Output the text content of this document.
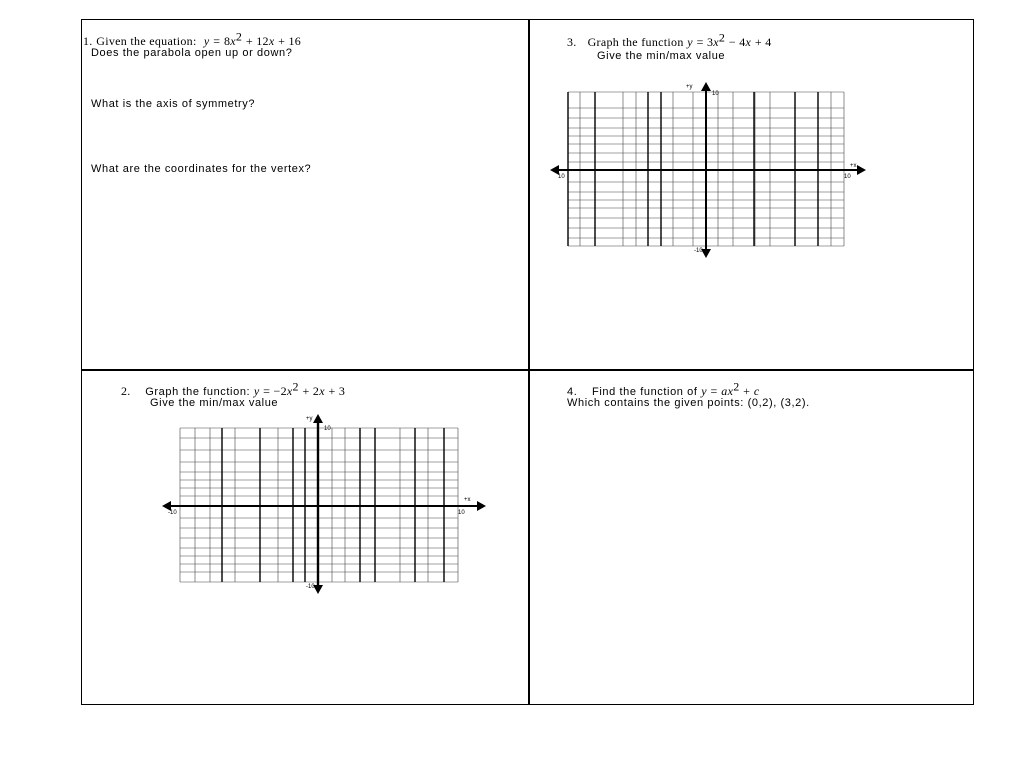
1. Given the equation: $y = 8x^2 + 12x + 16$
Does the parabola open up or down?
What is the axis of symmetry?
What are the coordinates for the vertex?
3. Graph the function $y = 3x^2 - 4x + 4$
Give the min/max value
+y
10
-10
+x
10	10
2. Graph the function: $y = -2x^2 + 2x + 3$
Give the min/max value
+y
10
-10
+x
-10	10
4. Find the function of $y = ax^2 + c$
Which contains the given points: (0,2), (3,2).
